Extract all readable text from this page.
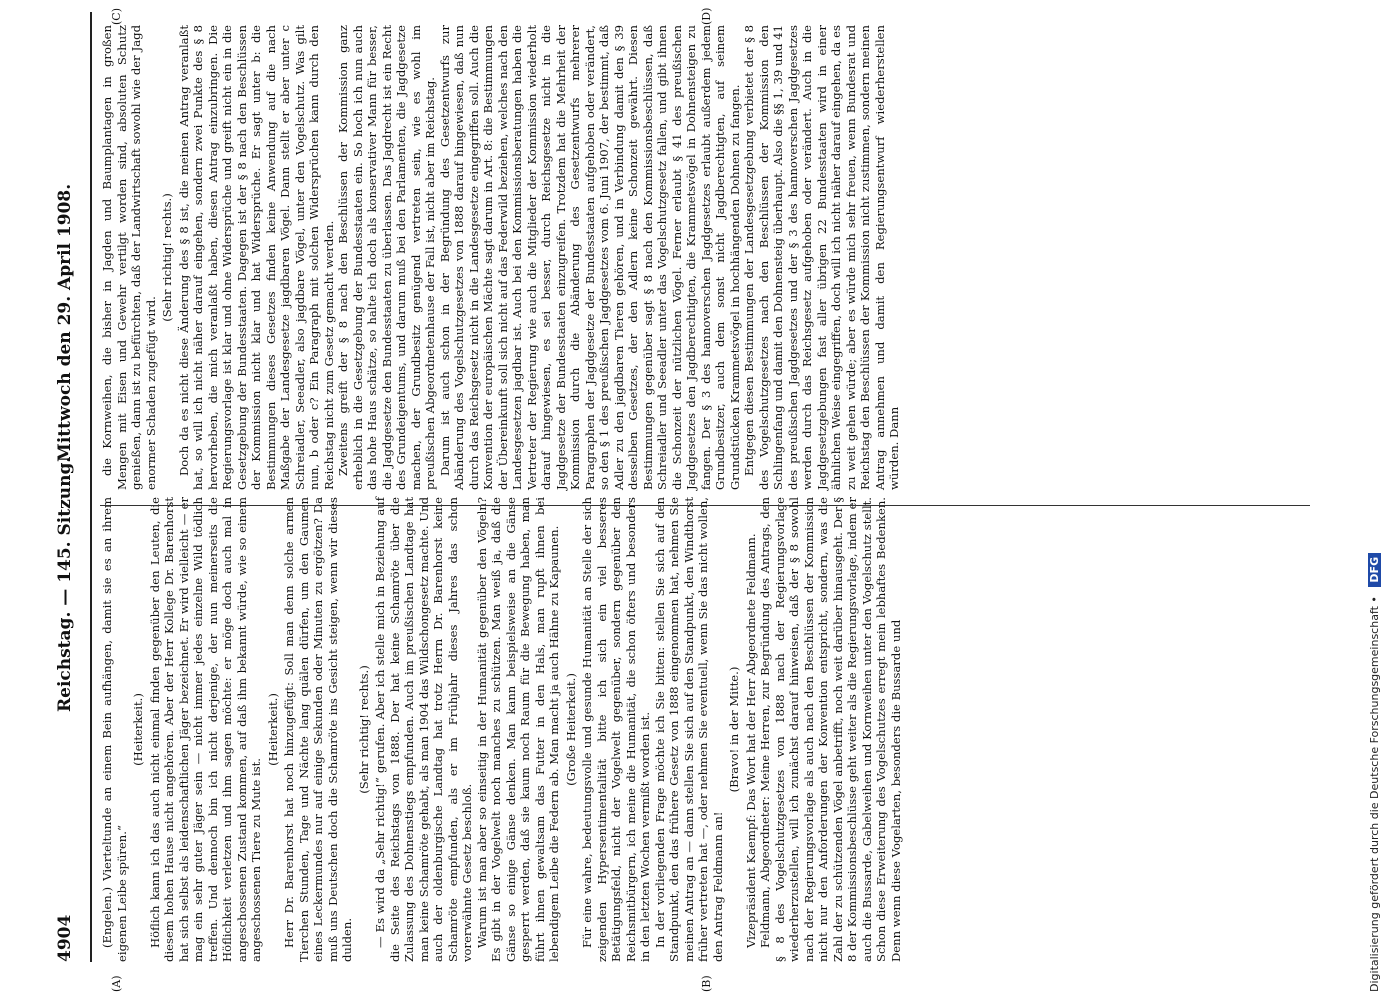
4904
Reichstag. — 145. Sitzung.
Mittwoch den 29. April 1908.
(A)	(B)
(C)	(D)

(Engelen.) Vierteltunde an einem Bein aufhängen, damit sie es an ihrem eigenen Leibe spüren.“

(Heiterkeit.) Höflich kann ich das auch nicht einmal finden gegenüber den Leuten, die diesem hohen Hause nicht angehören. Aber der Herr Kollege Dr. Barenhorst hat sich selbst als leidenschaftlichen Jäger bezeichnet. Er wird vielleicht — er mag ein sehr guter Jäger sein — nicht immer jedes einzelne Wild tödlich treffen. Und dennoch bin ich nicht derjenige, der nun meinerseits die Höflichkeit verletzen und ihm sagen möchte: er möge doch auch mal in angeschossenen Zustand kommen, auf daß ihm bekannt würde, wie so einem angeschossenen Tiere zu Mute ist.

(Heiterkeit.) Herr Dr. Barenhorst hat noch hinzugefügt: Soll man denn solche armen Tierchen Stunden, Tage und Nächte lang quälen dürfen, um den Gaumen eines Leckermundes nur auf einige Sekunden oder Minuten zu ergötzen? Da muß uns Deutschen doch die Schamröte ins Gesicht steigen, wenn wir dieses dulden.

(Sehr richtig! rechts.) — Es wird da „Sehr richtig!“ gerufen. Aber ich stelle mich in Beziehung auf die Seite des Reichstags von 1888. Der hat keine Schamröte über die Zulassung des Dohnenstiegs empfunden. Auch im preußischen Landtage hat man keine Schamröte gehabt, als man 1904 das Wildschongesetz machte. Und auch der oldenburgische Landtag hat trotz Herrn Dr. Barenhorst keine Schamröte empfunden, als er im Frühjahr dieses Jahres das schon vorerwähnte Gesetz beschloß. Warum ist man aber so einseitig in der Humanität gegenüber den Vögeln? Es gibt in der Vogelwelt noch manches zu schützen. Man weiß ja, daß die Gänse so einige Gänse denken. Man kann beispielsweise an die Gänse gesperrt werden, daß sie kaum noch Raum für die Bewegung haben, man führt ihnen gewaltsam das Futter in den Hals, man rupft ihnen bei lebendigem Leibe die Federn ab. Man macht ja auch Hähne zu Kapaunen. (Große Heiterkeit.) Für eine wahre, bedeutungsvolle und gesunde Humanität an Stelle der sich zeigenden Hypersentimentalität bitte ich sich ein viel besseres Betätigungsfeld, nicht der Vogelwelt gegenüber, sondern gegenüber den Reichsmitbürgern, ich meine die Humanität, die schon öfters und besonders in den letzten Wochen vermißt worden ist. In der vorliegenden Frage möchte ich Sie bitten: stellen Sie sich auf den Standpunkt, den das frühere Gesetz von 1888 eingenommen hat, nehmen Sie meinen Antrag an — dann stellen Sie sich auf den Standpunkt, den Windthorst früher vertreten hat —, oder nehmen Sie eventuell, wenn Sie das nicht wollen, den Antrag Feldmann an!

(Bravo! in der Mitte.) Vizepräsident Kaempf: Das Wort hat der Herr Abgeordnete Feldmann. Feldmann, Abgeordneter: Meine Herren, zur Begründung des Antrags, den § 8 des Vogelschutzgesetzes von 1888 nach der Regierungsvorlage wiederherzustellen, will ich zunächst darauf hinweisen, daß der § 8 sowohl nach der Regierungsvorlage als auch nach den Beschlüssen der Kommission nicht nur den Anforderungen der Konvention entspricht, sondern, was die Zahl der zu schützenden Vögel anbetrifft, noch weit darüber hinausgeht. Der § 8 der Kommissionsbeschlüsse geht weiter als die Regierungsvorlage, indem er auch die Bussarde, Gabelweihen und Kornweihen unter den Vogelschutz stellt. Schon diese Erweiterung des Vogelschutzes erregt mein lebhaftes Bedenken. Denn wenn diese Vogelarten, besonders die Bussarde und

die Kornweihen, die bisher in Jagden und Baumplantagen in großen Mengen mit Eisen und Gewehr vertilgt worden sind, absoluten Schutz genießen, dann ist zu befürchten, daß der Landwirtschaft sowohl wie der Jagd enormer Schaden zugefügt wird.

(Sehr richtig! rechts.) Doch da es nicht diese Änderung des § 8 ist, die meinen Antrag veranlaßt hat, so will ich nicht näher darauf eingehen, sondern zwei Punkte des § 8 hervorheben, die mich veranlaßt haben, diesen Antrag einzubringen. Die Regierungsvorlage ist klar und ohne Widersprüche und greift nicht ein in die Gesetzgebung der Bundesstaaten. Dagegen ist der § 8 nach den Beschlüssen der Kommission nicht klar und hat Widersprüche. Er sagt unter b: die Bestimmungen dieses Gesetzes finden keine Anwendung auf die nach Maßgabe der Landesgesetze jagdbaren Vögel. Dann stellt er aber unter c Schreiadler, Seeadler, also jagdbare Vögel, unter den Vogelschutz. Was gilt nun, b oder c? Ein Paragraph mit solchen Widersprüchen kann durch den Reichstag nicht zum Gesetz gemacht werden. Zweitens greift der § 8 nach den Beschlüssen der Kommission ganz erheblich in die Gesetzgebung der Bundesstaaten ein. So hoch ich nun auch das hohe Haus schätze, so halte ich doch als konservativer Mann für besser, die Jagdgesetze den Bundesstaaten zu überlassen. Das Jagdrecht ist ein Recht des Grundeigentums, und darum muß bei den Parlamenten, die Jagdgesetze machen, der Grundbesitz genügend vertreten sein, wie es wohl im preußischen Abgeordnetenhause der Fall ist, nicht aber im Reichstag. Darum ist auch schon in der Begründung des Gesetzentwurfs zur Abänderung des Vogelschutzgesetzes von 1888 darauf hingewiesen, daß nun durch das Reichsgesetz nicht in die Landesgesetze eingegriffen soll. Auch die Konvention der europäischen Mächte sagt darum in Art. 8: die Bestimmungen der Übereinkunft soll sich nicht auf das Federwild beziehen, welches nach den Landesgesetzen jagdbar ist. Auch bei den Kommissionsberatungen haben die Vertreter der Regierung wie auch die Mitglieder der Kommission wiederholt darauf hingewiesen, es sei besser, durch Reichsgesetze nicht in die Jagdgesetze der Bundesstaaten einzugreifen. Trotzdem hat die Mehrheit der Kommission durch die Abänderung des Gesetzentwurfs mehrerer Paragraphen der Jagdgesetze der Bundesstaaten aufgehoben oder verändert, so den § 1 des preußischen Jagdgesetzes vom 6. Juni 1907, der bestimmt, daß Adler zu den jagdbaren Tieren gehören, und in Verbindung damit den § 39 desselben Gesetzes, der den Adlern keine Schonzeit gewährt. Diesen Bestimmungen gegenüber sagt § 8 nach den Kommissionsbeschlüssen, daß Schreiadler und Seeadler unter das Vogelschutzgesetz fallen, und gibt ihnen die Schonzeit der nützlichen Vögel. Ferner erlaubt § 41 des preußischen Jagdgesetzes den Jagdberechtigten, die Krammetsvögel in Dohnensteigen zu fangen. Der § 3 des hannoverschen Jagdgesetzes erlaubt außerdem jedem Grundbesitzer, auch dem sonst nicht Jagdberechtigten, auf seinem Grundstücken Krammetsvögel in hochhängenden Dohnen zu fangen. Entgegen diesen Bestimmungen der Landesgesetzgebung verbietet der § 8 des Vogelschutzgesetzes nach den Beschlüssen der Kommission den Schlingenfang und damit den Dohnensteig überhaupt. Also die §§ 1, 39 und 41 des preußischen Jagdgesetzes und der § 3 des hannoverschen Jagdgesetzes werden durch das Reichsgesetz aufgehoben oder verändert. Auch in die Jagdgesetzgebungen fast aller übrigen 22 Bundesstaaten wird in einer ähnlichen Weise eingegriffen, doch will ich nicht näher darauf eingehen, da es zu weit gehen würde; aber es würde mich sehr freuen, wenn Bundesrat und Reichstag den Beschlüssen der Kommission nicht zustimmen, sondern meinen Antrag annehmen und damit den Regierungsentwurf wiederherstellen würden. Dann

Digitalisierung gefördert durch die Deutsche Forschungsgemeinschaft • DFG
